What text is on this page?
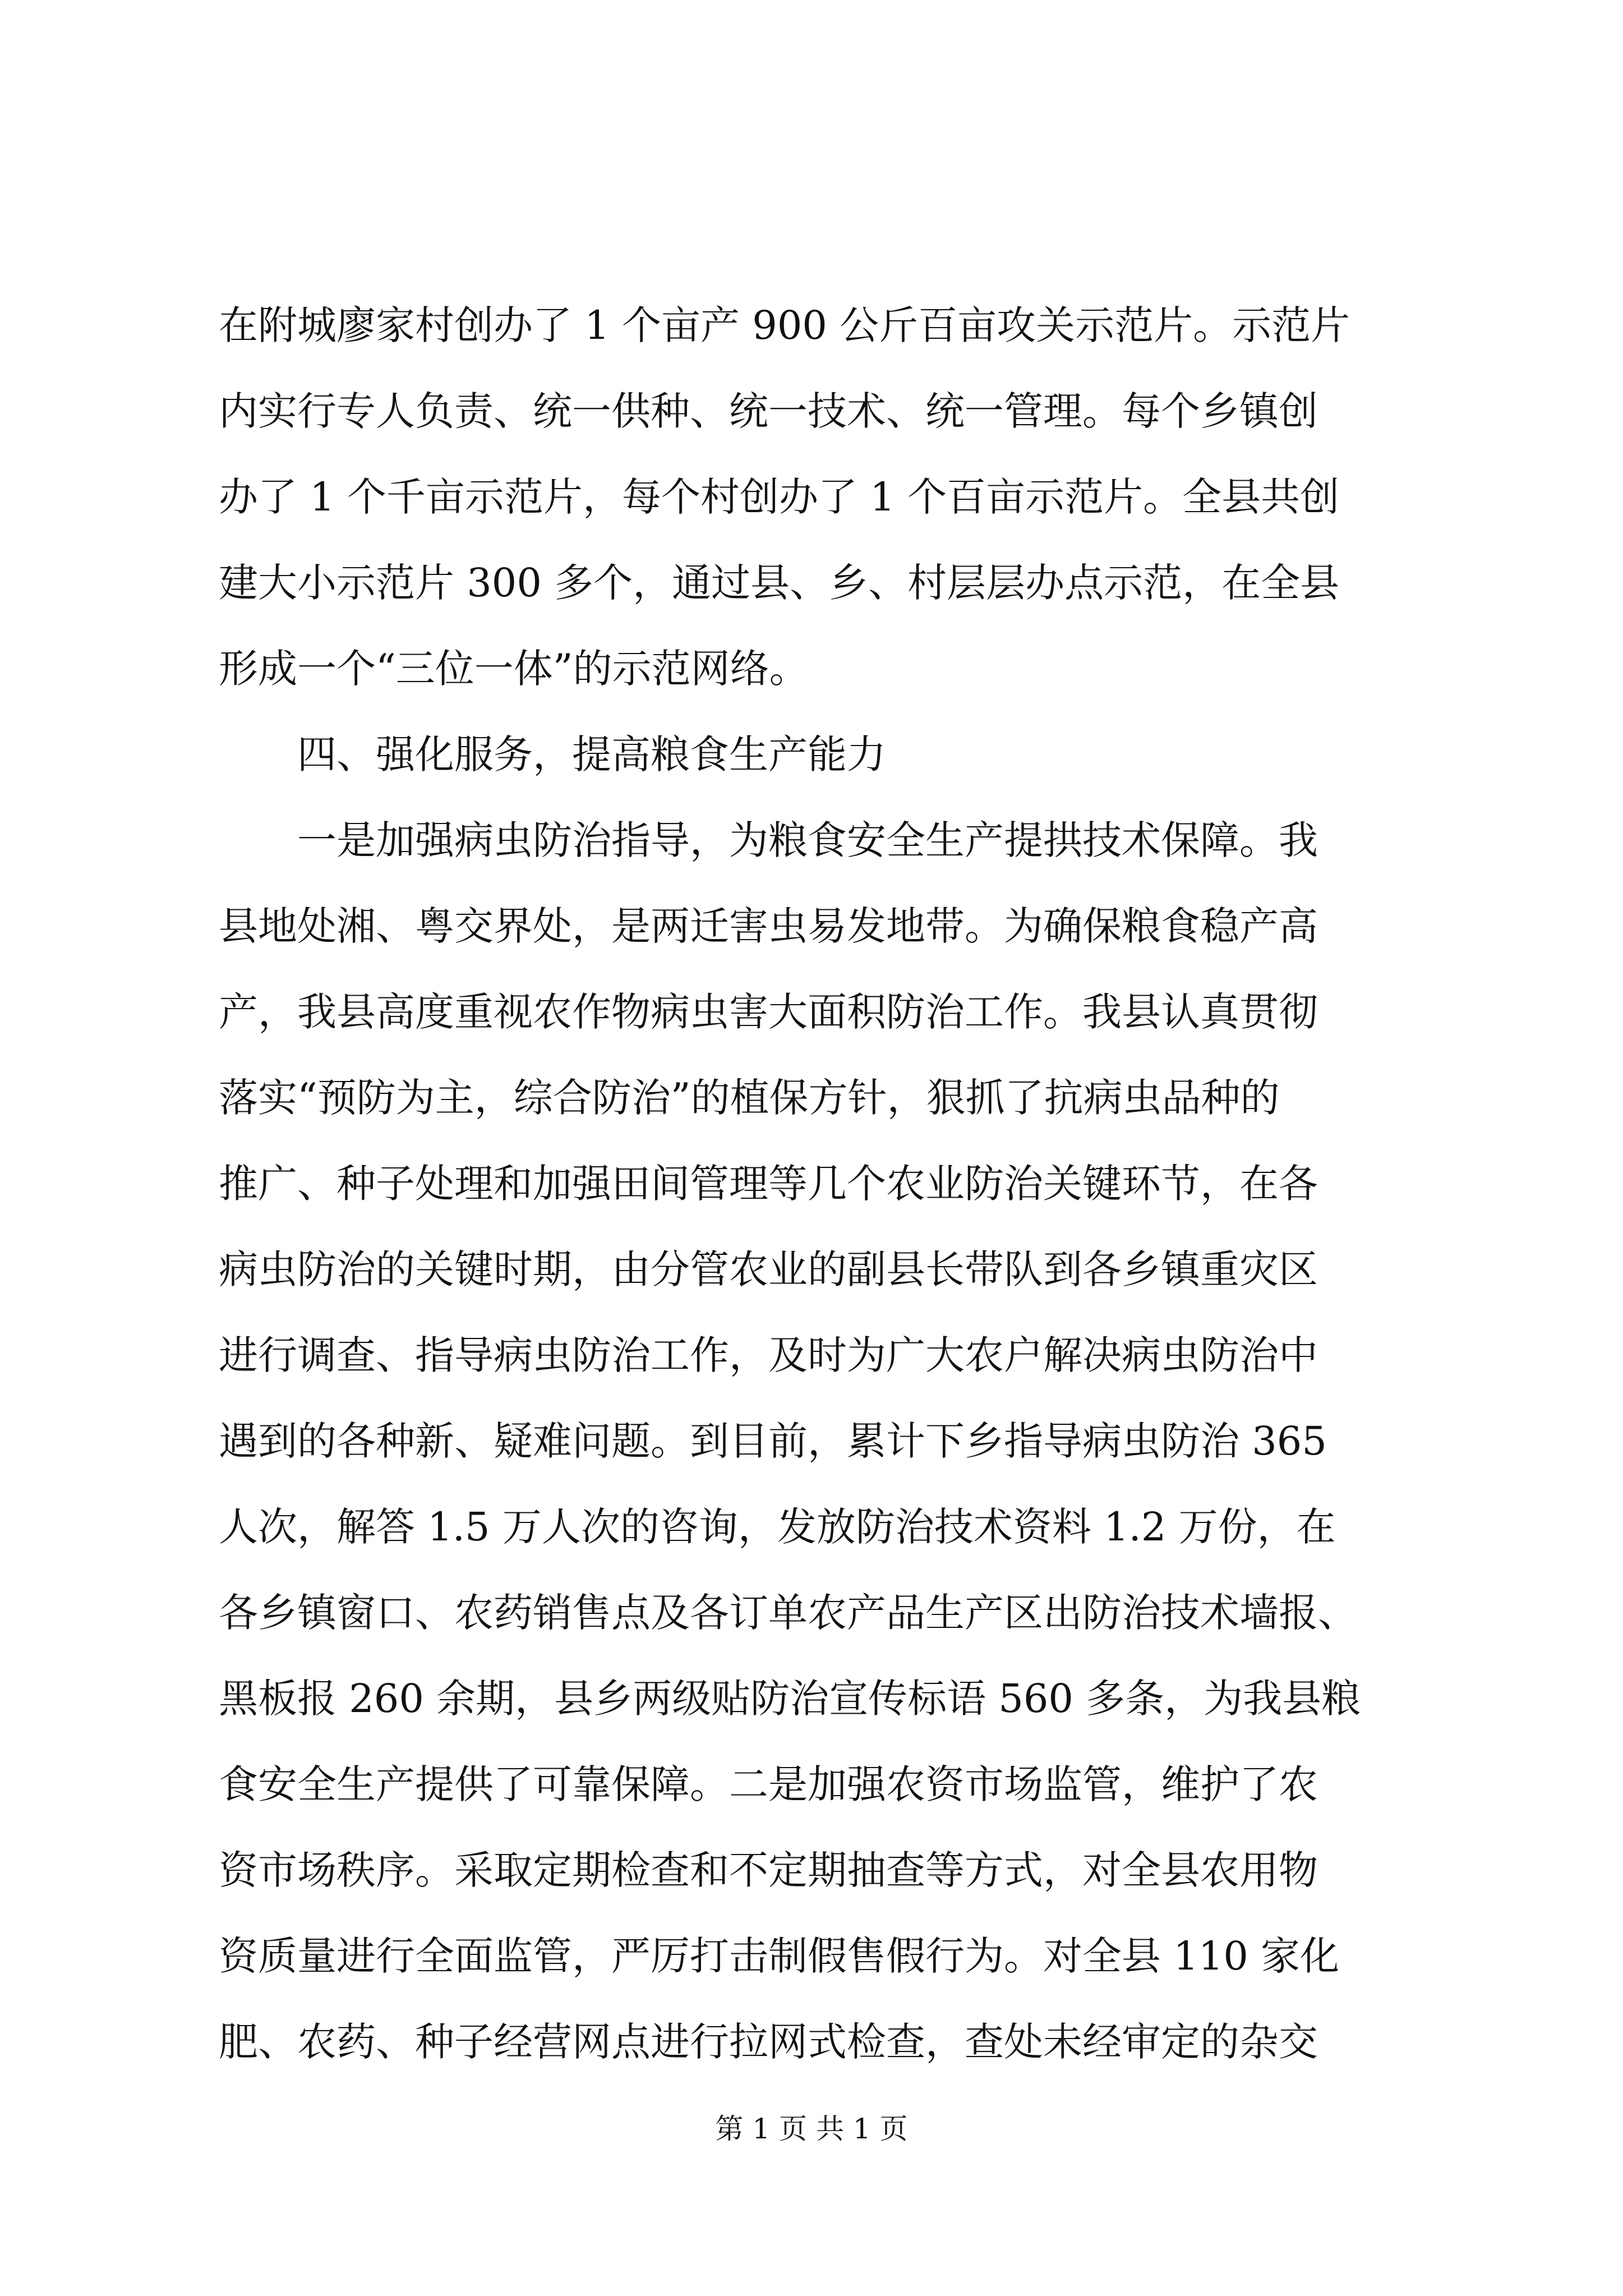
在附城廖家村创办了 1 个亩产 900 公斤百亩攻关示范片。示范片
内实行专人负责、统一供种、统一技术、统一管理。每个乡镇创
办了 1 个千亩示范片，每个村创办了 1 个百亩示范片。全县共创
建大小示范片 300 多个，通过县、乡、村层层办点示范，在全县
形成一个“三位一体”的示范网络。
四、强化服务，提高粮食生产能力
一是加强病虫防治指导，为粮食安全生产提拱技术保障。我
县地处湘、粤交界处，是两迁害虫易发地带。为确保粮食稳产高
产，我县高度重视农作物病虫害大面积防治工作。我县认真贯彻
落实“预防为主，综合防治”的植保方针，狠抓了抗病虫品种的
推广、种子处理和加强田间管理等几个农业防治关键环节，在各
病虫防治的关键时期，由分管农业的副县长带队到各乡镇重灾区
进行调查、指导病虫防治工作，及时为广大农户解决病虫防治中
遇到的各种新、疑难问题。到目前，累计下乡指导病虫防治 365
人次，解答 1.5 万人次的咨询，发放防治技术资料 1.2 万份，在
各乡镇窗口、农药销售点及各订单农产品生产区出防治技术墙报、
黑板报 260 余期，县乡两级贴防治宣传标语 560 多条，为我县粮
食安全生产提供了可靠保障。二是加强农资市场监管，维护了农
资市场秩序。采取定期检查和不定期抽查等方式，对全县农用物
资质量进行全面监管，严厉打击制假售假行为。对全县 110 家化
肥、农药、种子经营网点进行拉网式检查，查处未经审定的杂交
第 1 页 共 1 页
